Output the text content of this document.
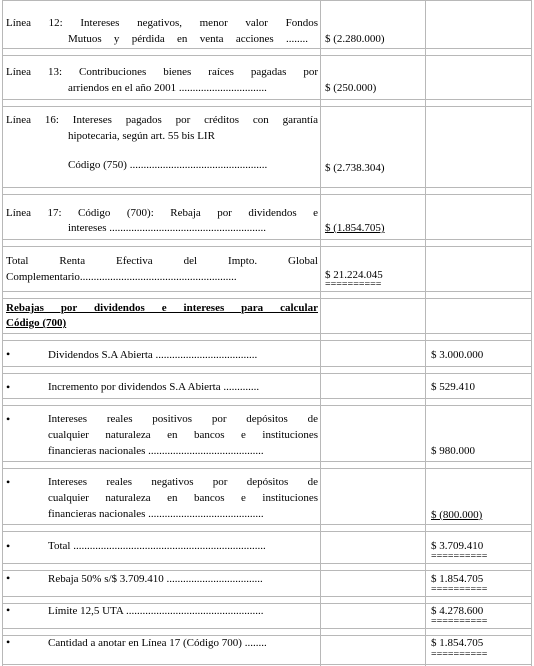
Línea 12: Intereses negativos, menor valor Fondos
Mutuos y pérdida en venta acciones ........ $ (2.280.000)
Línea 13: Contribuciones bienes raíces pagadas por
arriendos en el año 2001 ................................	$ (250.000)
Línea 16: Intereses pagados por créditos con garantía
hipotecaria, según art. 55 bis LIR
Código (750) ..................................................	$ (2.738.304)
Línea 17: Código (700): Rebaja por dividendos e
intereses .........................................................	$ (1.854.705)
Total Renta Efectiva del Impto. Global
Complementario.........................................................	$ 21.224.045
==========
Rebajas por dividendos e intereses para calcular
Código (700)
•	Dividendos S.A Abierta .....................................	$ 3.000.000
•	Incremento por dividendos S.A Abierta .............	$ 529.410
•	Intereses reales positivos por depósitos de
cualquier naturaleza en bancos e instituciones
financieras nacionales ..........................................	$ 980.000
•	Intereses reales negativos por depósitos de
cualquier naturaleza en bancos e instituciones
financieras nacionales ..........................................	$ (800.000)
•	Total ......................................................................	$ 3.709.410
==========
•	Rebaja 50% s/$ 3.709.410 ...................................	$ 1.854.705
==========
•	Límite 12,5 UTA ..................................................	$ 4.278.600
==========
•	Cantidad a anotar en Línea 17 (Código 700) ........	$ 1.854.705
==========
